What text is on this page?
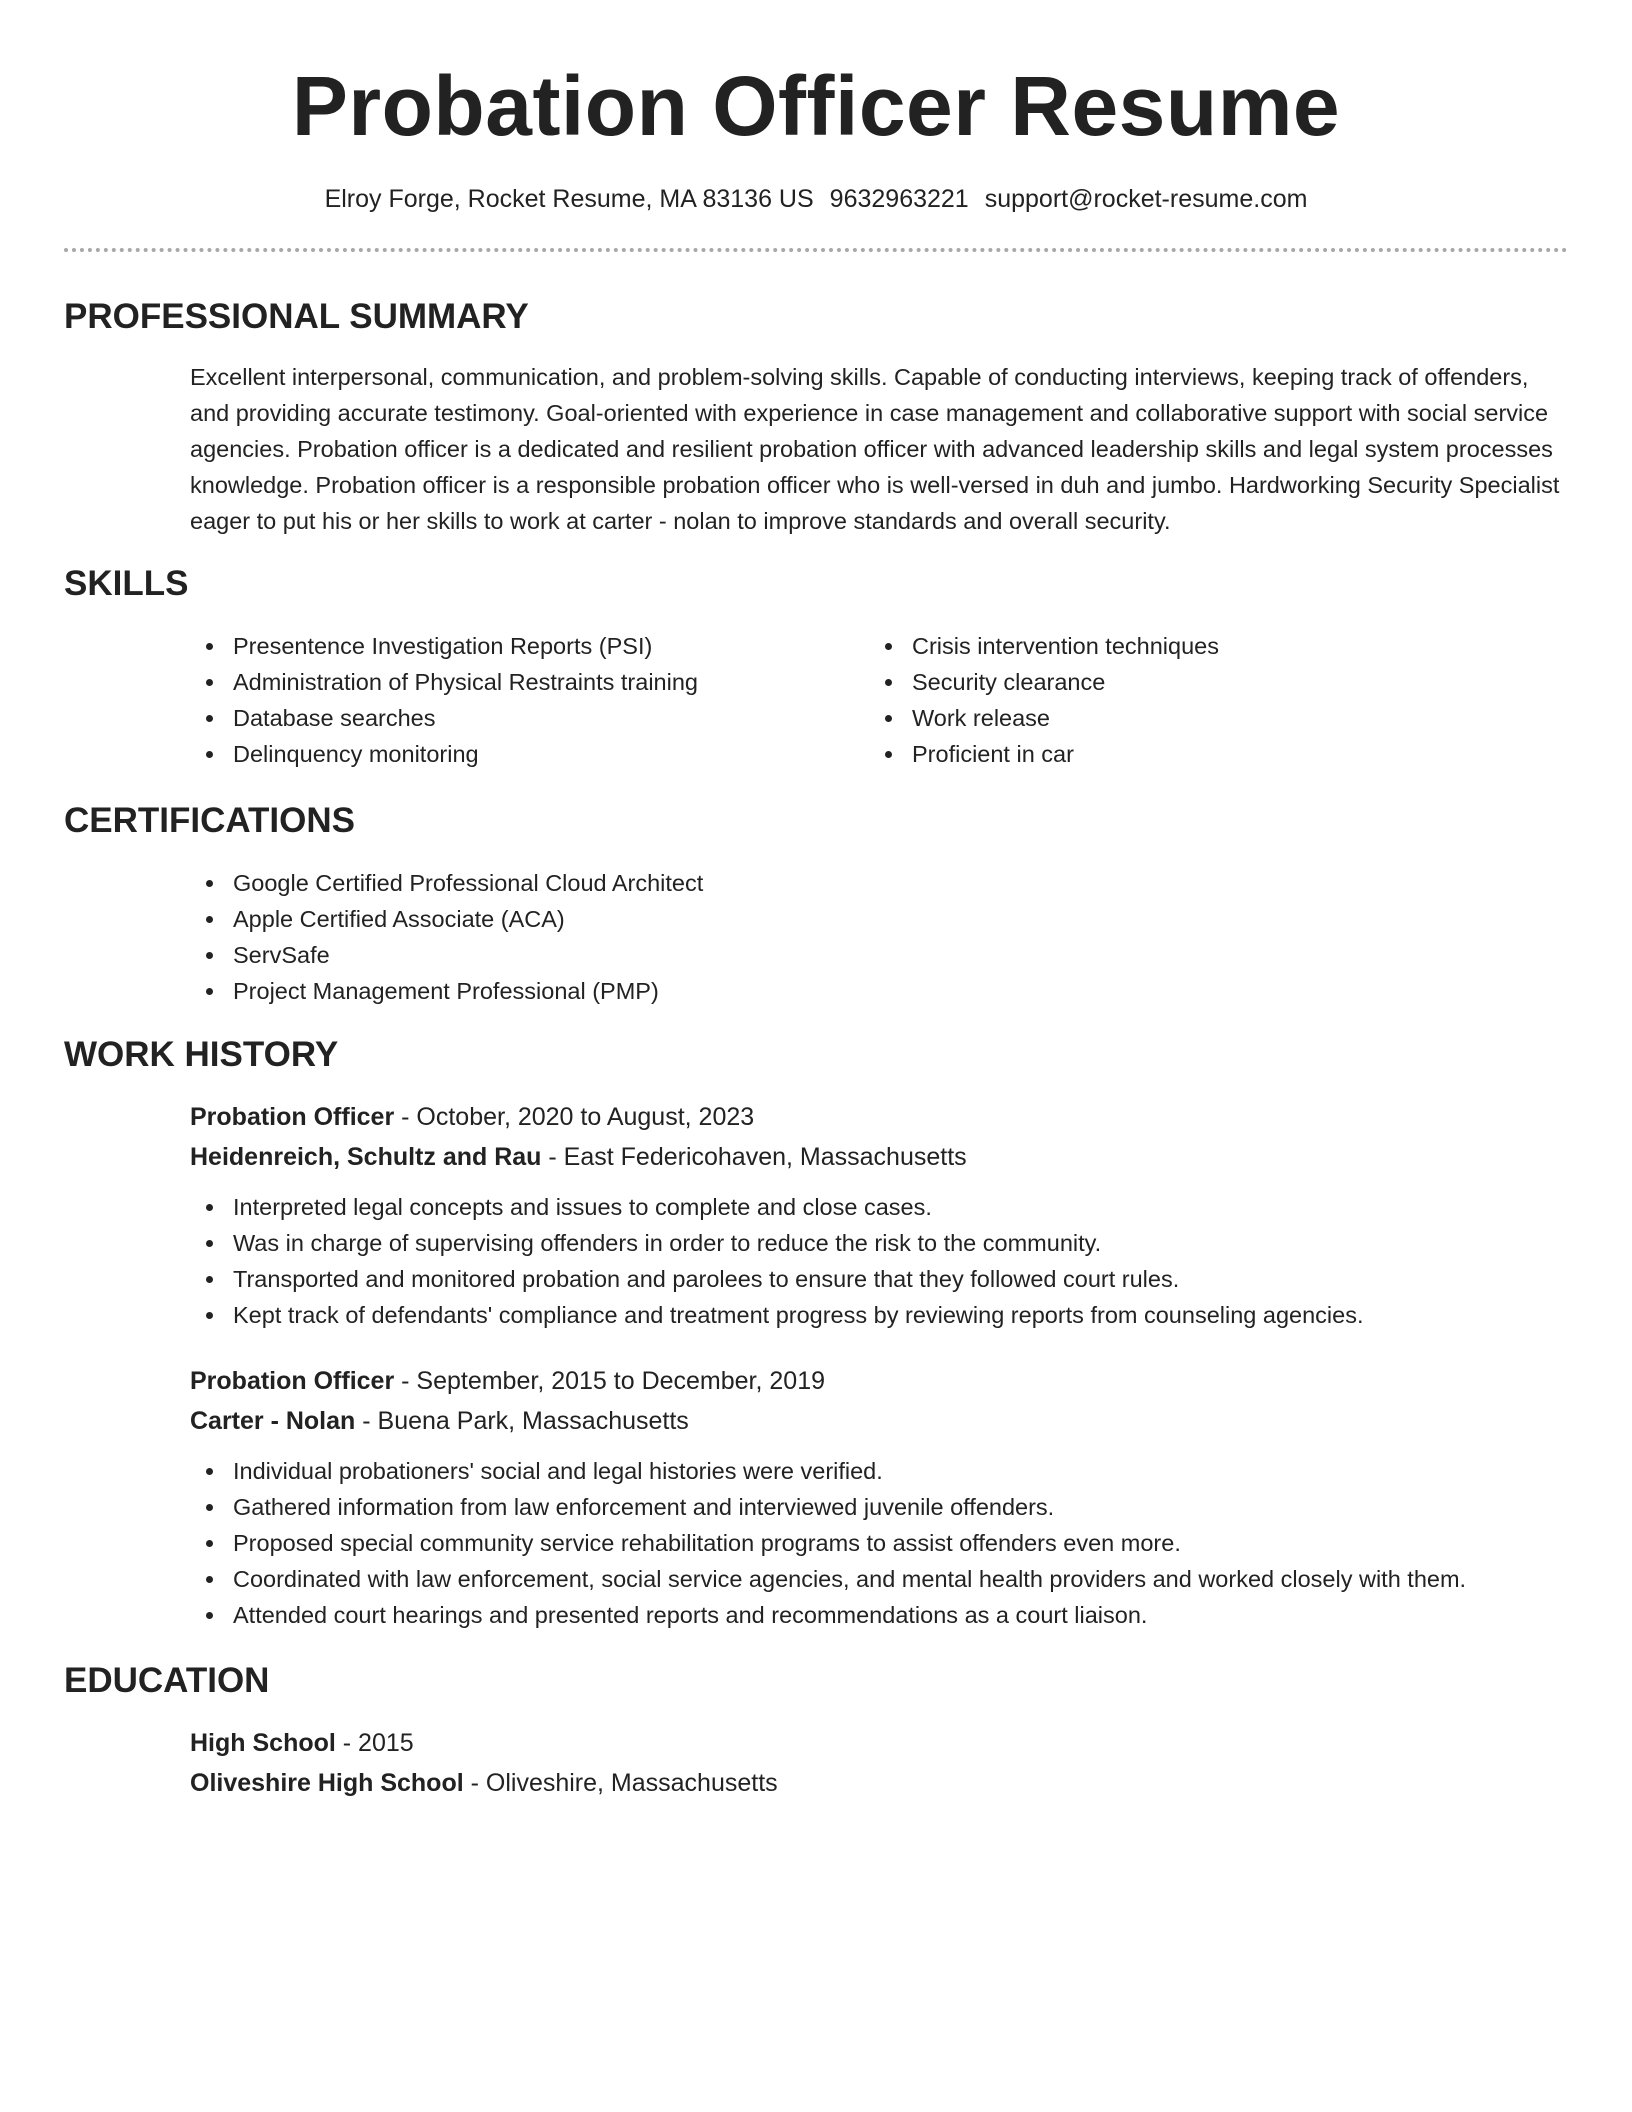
Probation Officer Resume
Elroy Forge, Rocket Resume, MA 83136 US 9632963221 support@rocket-resume.com
PROFESSIONAL SUMMARY
Excellent interpersonal, communication, and problem-solving skills. Capable of conducting interviews, keeping track of offenders, and providing accurate testimony. Goal-oriented with experience in case management and collaborative support with social service agencies. Probation officer is a dedicated and resilient probation officer with advanced leadership skills and legal system processes knowledge. Probation officer is a responsible probation officer who is well-versed in duh and jumbo. Hardworking Security Specialist eager to put his or her skills to work at carter - nolan to improve standards and overall security.
SKILLS
Presentence Investigation Reports (PSI)
Administration of Physical Restraints training
Database searches
Delinquency monitoring
Crisis intervention techniques
Security clearance
Work release
Proficient in car
CERTIFICATIONS
Google Certified Professional Cloud Architect
Apple Certified Associate (ACA)
ServSafe
Project Management Professional (PMP)
WORK HISTORY
Probation Officer - October, 2020 to August, 2023
Heidenreich, Schultz and Rau - East Federicohaven, Massachusetts
Interpreted legal concepts and issues to complete and close cases.
Was in charge of supervising offenders in order to reduce the risk to the community.
Transported and monitored probation and parolees to ensure that they followed court rules.
Kept track of defendants' compliance and treatment progress by reviewing reports from counseling agencies.
Probation Officer - September, 2015 to December, 2019
Carter - Nolan - Buena Park, Massachusetts
Individual probationers' social and legal histories were verified.
Gathered information from law enforcement and interviewed juvenile offenders.
Proposed special community service rehabilitation programs to assist offenders even more.
Coordinated with law enforcement, social service agencies, and mental health providers and worked closely with them.
Attended court hearings and presented reports and recommendations as a court liaison.
EDUCATION
High School - 2015
Oliveshire High School - Oliveshire, Massachusetts
